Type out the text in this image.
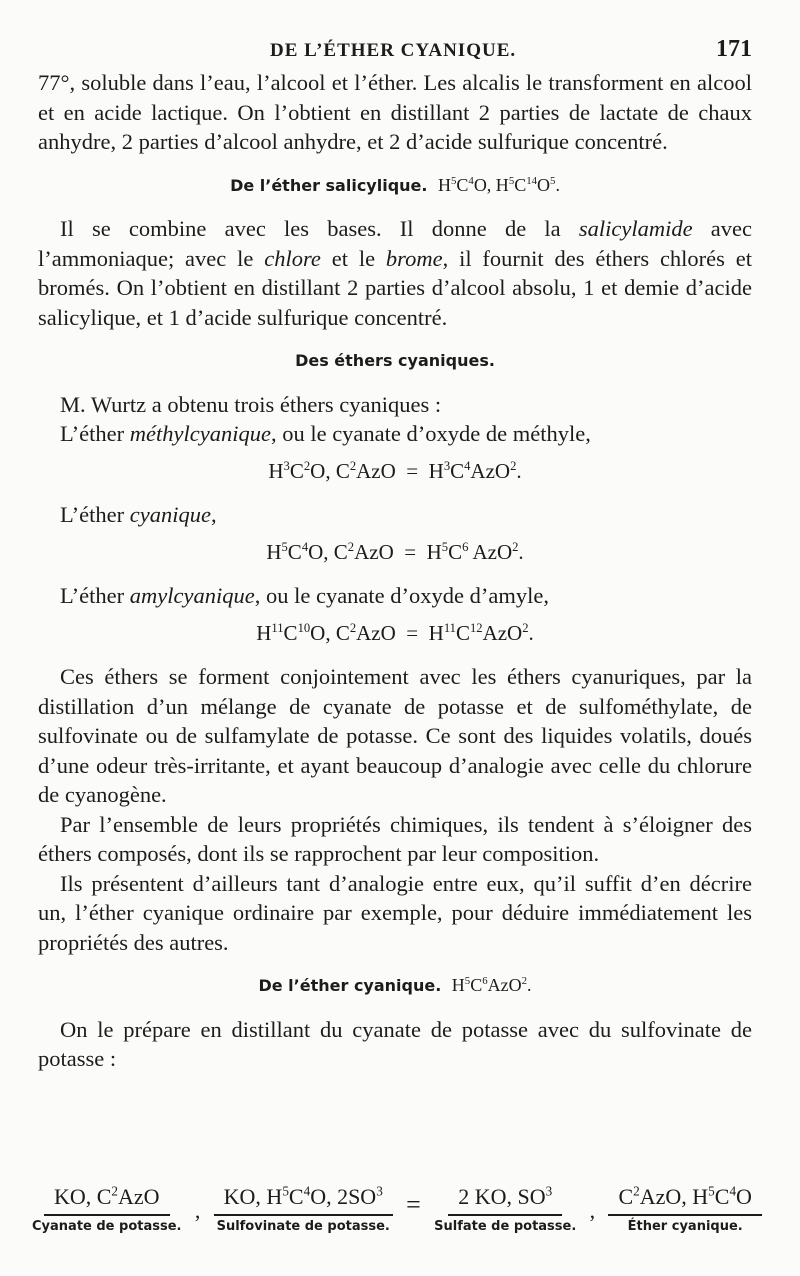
DE L’ÉTHER CYANIQUE.	171

77°, soluble dans l’eau, l’alcool et l’éther. Les alcalis le transforment en alcool et en acide lactique. On l’obtient en distillant 2 parties de lactate de chaux anhydre, 2 parties d’alcool anhydre, et 2 d’acide sulfurique concentré.

De l’éther salicylique. $H^5C^4O$, $H^5C^{14}O^5$.

Il se combine avec les bases. Il donne de la salicylamide avec l’ammoniaque; avec le chlore et le brome, il fournit des éthers chlorés et bromés. On l’obtient en distillant 2 parties d’alcool absolu, 1 et demie d’acide salicylique, et 1 d’acide sulfurique concentré.

Des éthers cyaniques.

M. Wurtz a obtenu trois éthers cyaniques :

L’éther méthylcyanique, ou le cyanate d’oxyde de méthyle,

$H^3C^2O$, $C^2AzO = H^3C^4AzO^2$.

L’éther cyanique,

$H^5C^4O$, $C^2AzO = H^5C^6$ AzO$^2$.

L’éther amylcyanique, ou le cyanate d’oxyde d’amyle,

$H^{11}C^{10}O$, $C^2AzO = H^{11}C^{12}AzO^2$.

Ces éthers se forment conjointement avec les éthers cyanuriques, par la distillation d’un mélange de cyanate de potasse et de sulfométhylate, de sulfovinate ou de sulfamylate de potasse. Ce sont des liquides volatils, doués d’une odeur très-irritante, et ayant beaucoup d’analogie avec celle du chlorure de cyanogène.

Par l’ensemble de leurs propriétés chimiques, ils tendent à s’éloigner des éthers composés, dont ils se rapprochent par leur composition.

Ils présentent d’ailleurs tant d’analogie entre eux, qu’il suffit d’en décrire un, l’éther cyanique ordinaire par exemple, pour déduire immédiatement les propriétés des autres.

De l’éther cyanique. $H^5C^6AzO^2$.

On le prépare en distillant du cyanate de potasse avec du sulfovinate de potasse :

$\frac{KO, C^2AzO}{\text{Cyanate de potasse.}}$ , $\frac{KO, H^5C^4O, 2SO^3}{\text{Sulfovinate de potasse.}} = \frac{2 KO, SO^3}{\text{Sulfate de potasse.}}$ , $\frac{C^2AzO, H^5C^4O}{\text{Éther cyanique.}}$
